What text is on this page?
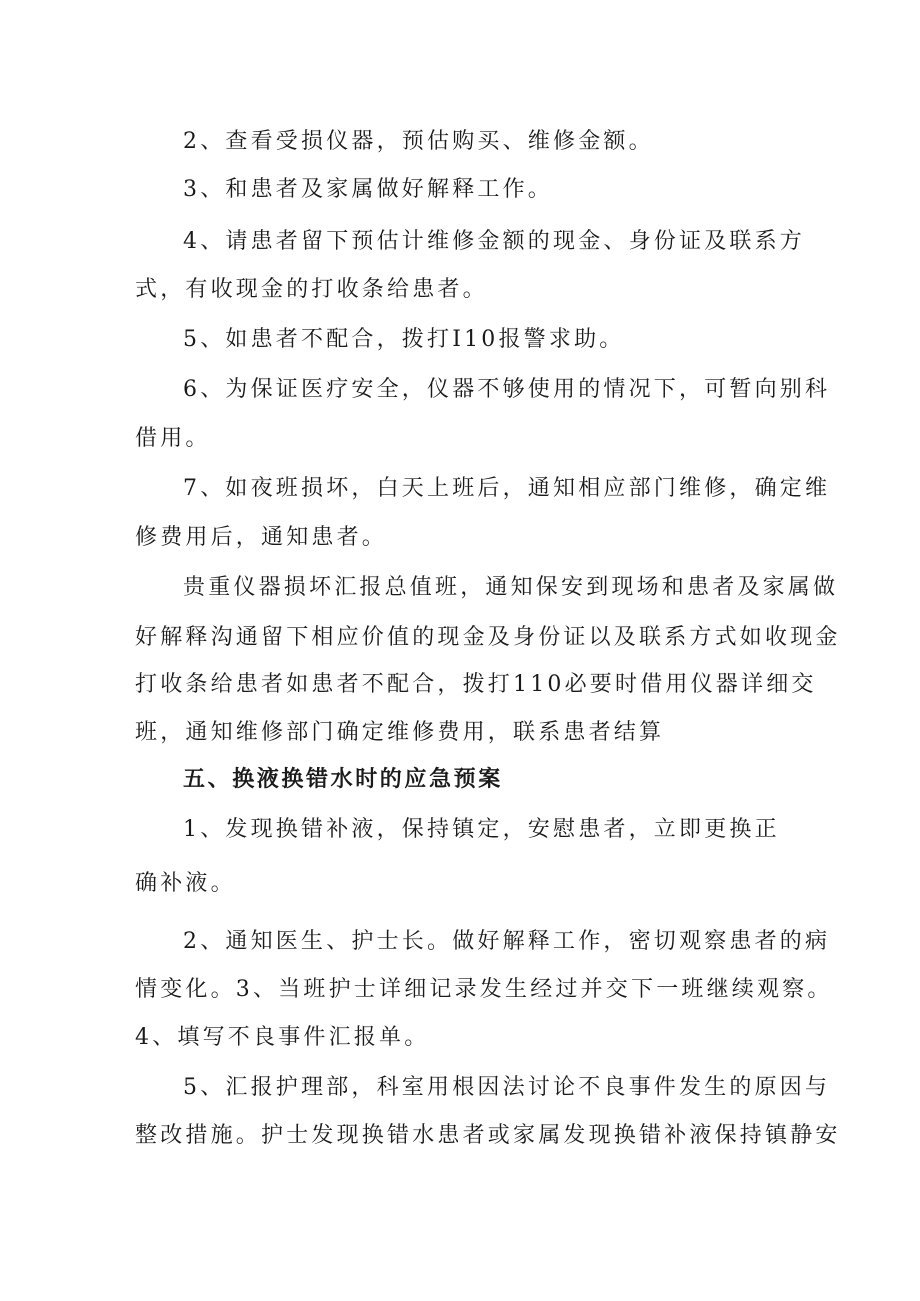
2、查看受损仪器，预估购买、维修金额。
3、和患者及家属做好解释工作。
4、请患者留下预估计维修金额的现金、身份证及联系方
式，有收现金的打收条给患者。
5、如患者不配合，拨打I10报警求助。
6、为保证医疗安全，仪器不够使用的情况下，可暂向别科
借用。
7、如夜班损坏，白天上班后，通知相应部门维修，确定维
修费用后，通知患者。
贵重仪器损坏汇报总值班，通知保安到现场和患者及家属做
好解释沟通留下相应价值的现金及身份证以及联系方式如收现金
打收条给患者如患者不配合，拨打110必要时借用仪器详细交
班，通知维修部门确定维修费用，联系患者结算
五、换液换错水时的应急预案
1、发现换错补液，保持镇定，安慰患者，立即更换正
确补液。
2、通知医生、护士长。做好解释工作，密切观察患者的病
情变化。3、当班护士详细记录发生经过并交下一班继续观察。
4、填写不良事件汇报单。
5、汇报护理部，科室用根因法讨论不良事件发生的原因与
整改措施。护士发现换错水患者或家属发现换错补液保持镇静安
